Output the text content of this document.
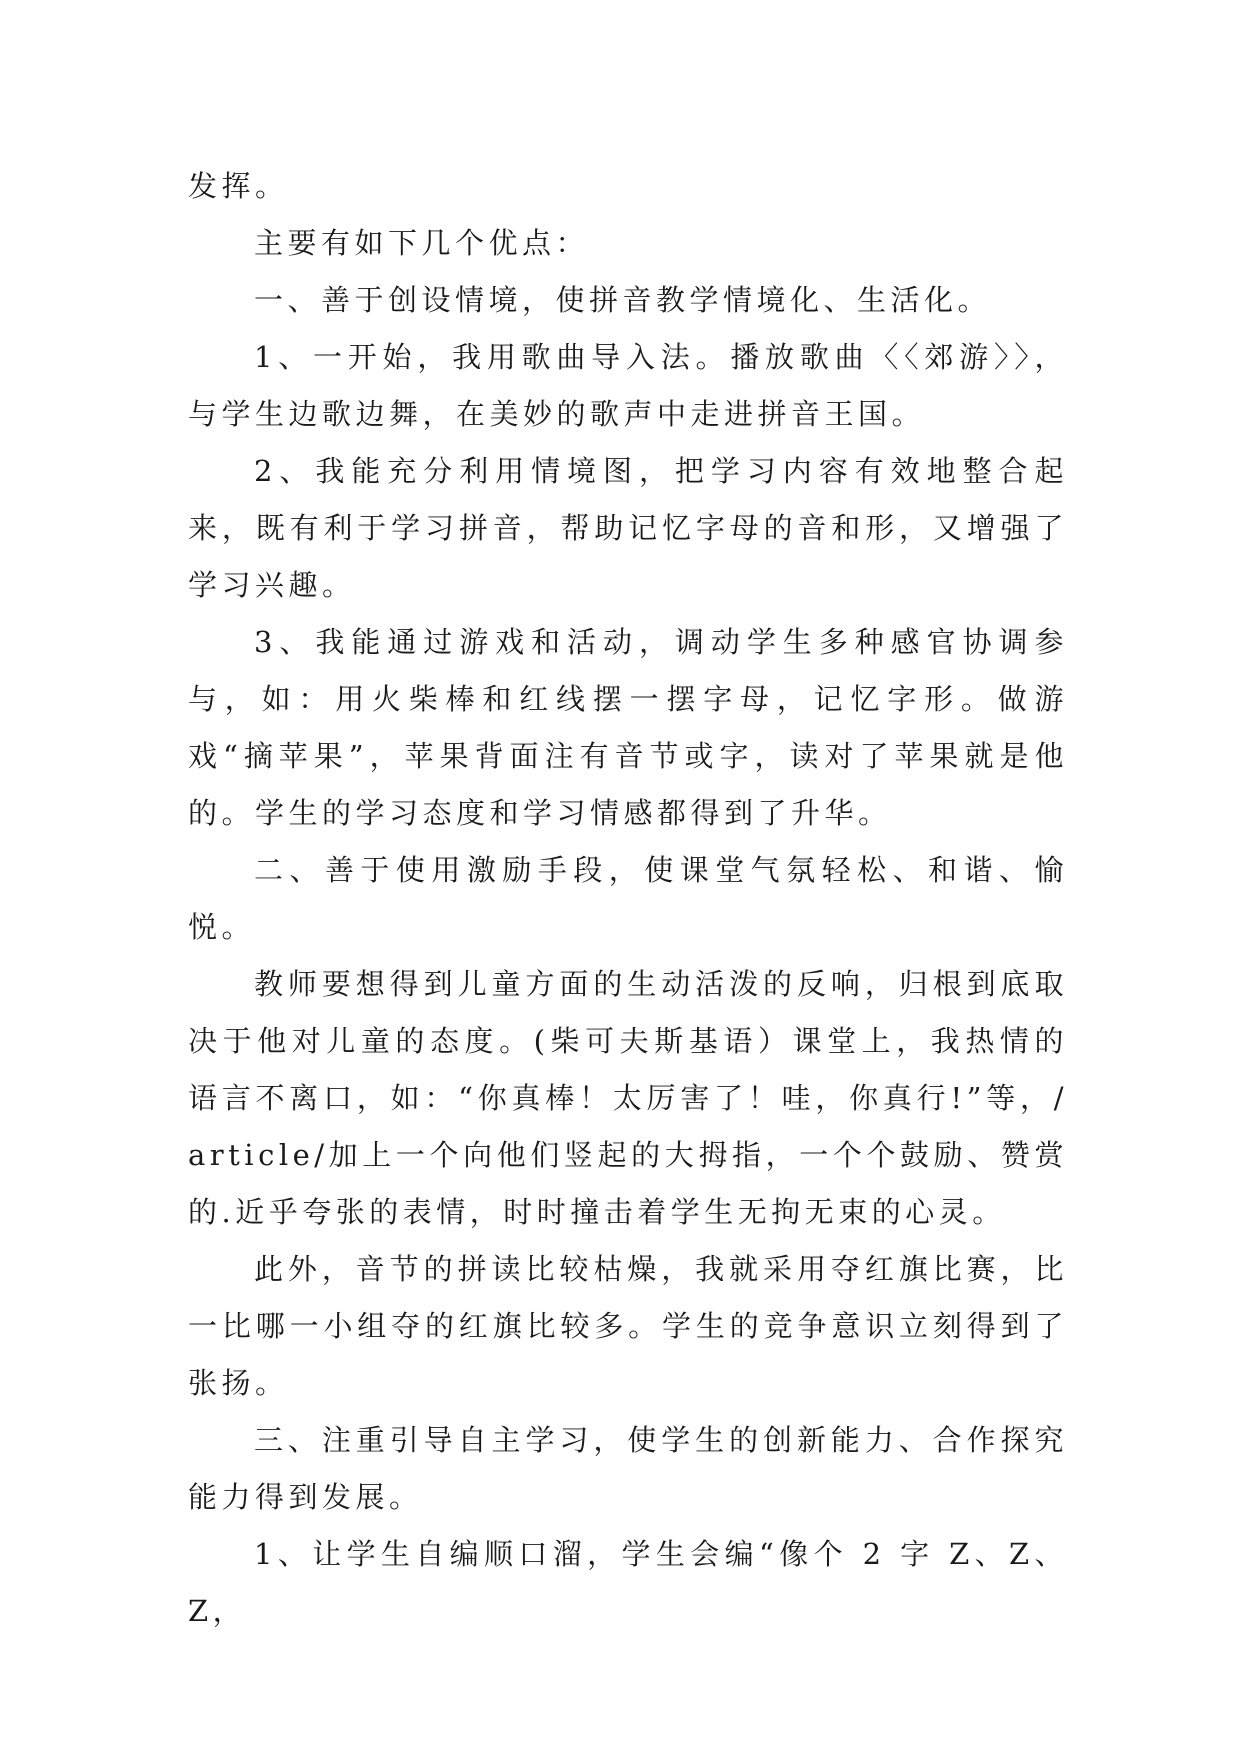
发挥。

主要有如下几个优点：

一、善于创设情境，使拼音教学情境化、生活化。

1、一开始，我用歌曲导入法。播放歌曲〈〈郊游〉〉，与学生边歌边舞，在美妙的歌声中走进拼音王国。

2、我能充分利用情境图，把学习内容有效地整合起来，既有利于学习拼音，帮助记忆字母的音和形，又增强了学习兴趣。

3、我能通过游戏和活动，调动学生多种感官协调参与，如：用火柴棒和红线摆一摆字母，记忆字形。做游戏“摘苹果”，苹果背面注有音节或字，读对了苹果就是他的。学生的学习态度和学习情感都得到了升华。

二、善于使用激励手段，使课堂气氛轻松、和谐、愉悦。

教师要想得到儿童方面的生动活泼的反响，归根到底取决于他对儿童的态度。(柴可夫斯基语）课堂上，我热情的语言不离口，如：“你真棒！太厉害了！哇，你真行!”等，/article/加上一个向他们竖起的大拇指，一个个鼓励、赞赏的.近乎夸张的表情，时时撞击着学生无拘无束的心灵。

此外，音节的拼读比较枯燥，我就采用夺红旗比赛，比一比哪一小组夺的红旗比较多。学生的竞争意识立刻得到了张扬。

三、注重引导自主学习，使学生的创新能力、合作探究能力得到发展。

1、让学生自编顺口溜，学生会编“像个 2 字 Z、Z、Z，
